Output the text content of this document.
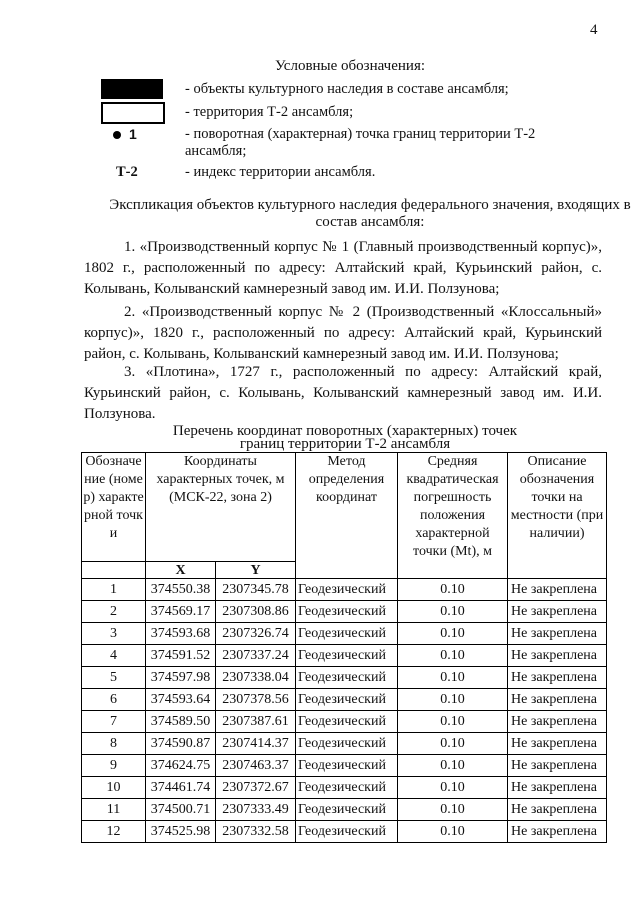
4
Условные обозначения:
- объекты культурного наследия в составе ансамбля;
- территория Т-2 ансамбля;
1	- поворотная (характерная) точка границ территории Т-2 ансамбля;
Т-2	- индекс территории ансамбля.
Экспликация объектов культурного наследия федерального значения, входящих в состав ансамбля:
1. «Производственный корпус № 1 (Главный производственный корпус)», 1802 г., расположенный по адресу: Алтайский край, Курьинский район, с. Колывань, Колыванский камнерезный завод им. И.И. Ползунова;
2. «Производственный корпус № 2 (Производственный «Клоссальный» корпус)», 1820 г., расположенный по адресу: Алтайский край, Курьинский район, с. Колывань, Колыванский камнерезный завод им. И.И. Ползунова;
3. «Плотина», 1727 г., расположенный по адресу: Алтайский край, Курьинский район, с. Колывань, Колыванский камнерезный завод им. И.И. Ползунова.
Перечень координат поворотных (характерных) точек
границ территории Т-2 ансамбля
Обозначение (номер) характерной точки	Координаты характерных точек, м (МСК-22, зона 2)		Метод определения координат	Средняя квадратическая погрешность положения характерной точки (Mt), м	Описание обозначения точки на местности (при наличии)
	X	Y			
1	374550.38	2307345.78	Геодезический	0.10	Не закреплена
2	374569.17	2307308.86	Геодезический	0.10	Не закреплена
3	374593.68	2307326.74	Геодезический	0.10	Не закреплена
4	374591.52	2307337.24	Геодезический	0.10	Не закреплена
5	374597.98	2307338.04	Геодезический	0.10	Не закреплена
6	374593.64	2307378.56	Геодезический	0.10	Не закреплена
7	374589.50	2307387.61	Геодезический	0.10	Не закреплена
8	374590.87	2307414.37	Геодезический	0.10	Не закреплена
9	374624.75	2307463.37	Геодезический	0.10	Не закреплена
10	374461.74	2307372.67	Геодезический	0.10	Не закреплена
11	374500.71	2307333.49	Геодезический	0.10	Не закреплена
12	374525.98	2307332.58	Геодезический	0.10	Не закреплена
